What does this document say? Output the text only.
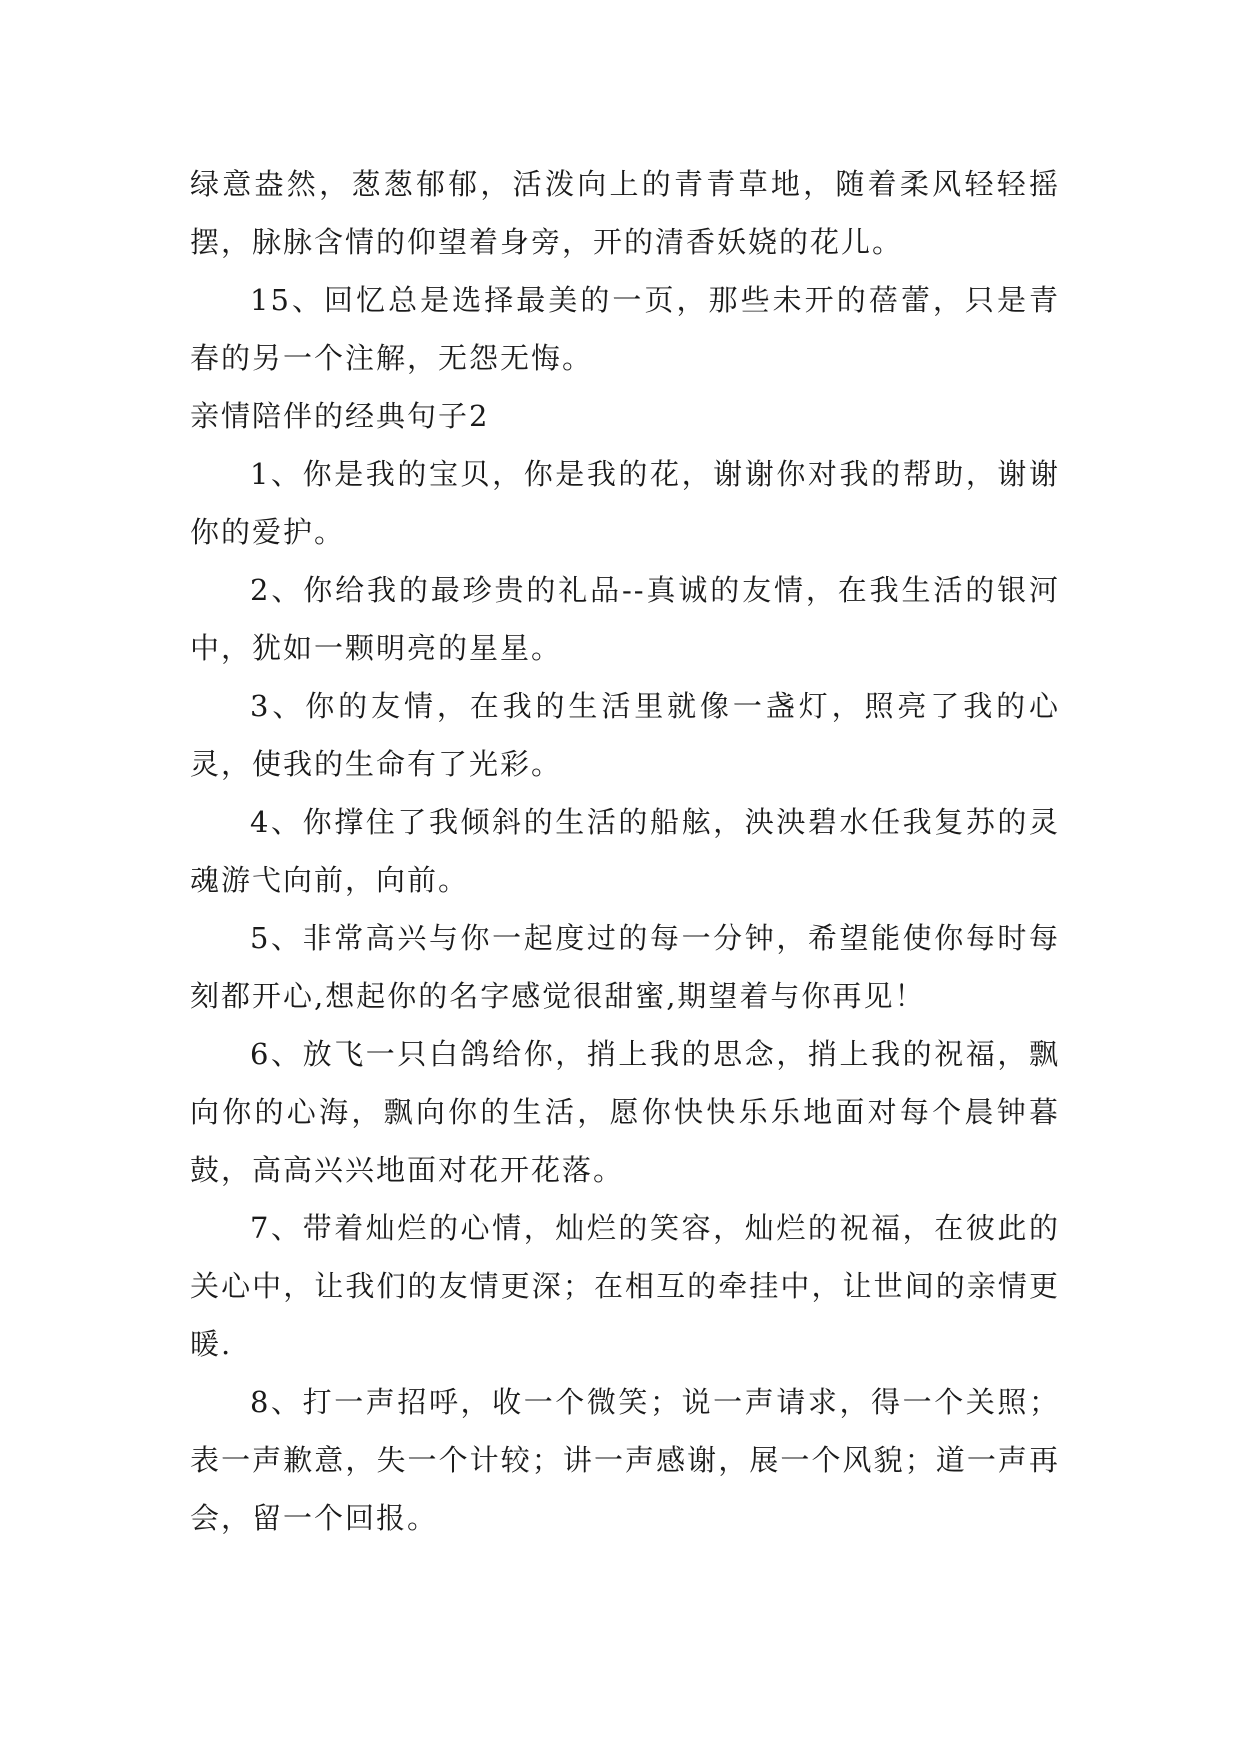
绿意盎然，葱葱郁郁，活泼向上的青青草地，随着柔风轻轻摇摆，脉脉含情的仰望着身旁，开的清香妖娆的花儿。

15、回忆总是选择最美的一页，那些未开的蓓蕾，只是青春的另一个注解，无怨无悔。

亲情陪伴的经典句子2

1、你是我的宝贝，你是我的花，谢谢你对我的帮助，谢谢你的爱护。

2、你给我的最珍贵的礼品--真诚的友情，在我生活的银河中，犹如一颗明亮的星星。

3、你的友情，在我的生活里就像一盏灯，照亮了我的心灵，使我的生命有了光彩。

4、你撑住了我倾斜的生活的船舷，泱泱碧水任我复苏的灵魂游弋向前，向前。

5、非常高兴与你一起度过的每一分钟，希望能使你每时每刻都开心,想起你的名字感觉很甜蜜,期望着与你再见！

6、放飞一只白鸽给你，捎上我的思念，捎上我的祝福，飘向你的心海，飘向你的生活，愿你快快乐乐地面对每个晨钟暮鼓，高高兴兴地面对花开花落。

7、带着灿烂的心情，灿烂的笑容，灿烂的祝福，在彼此的关心中，让我们的友情更深；在相互的牵挂中，让世间的亲情更暖.

8、打一声招呼，收一个微笑；说一声请求，得一个关照；表一声歉意，失一个计较；讲一声感谢，展一个风貌；道一声再会，留一个回报。
